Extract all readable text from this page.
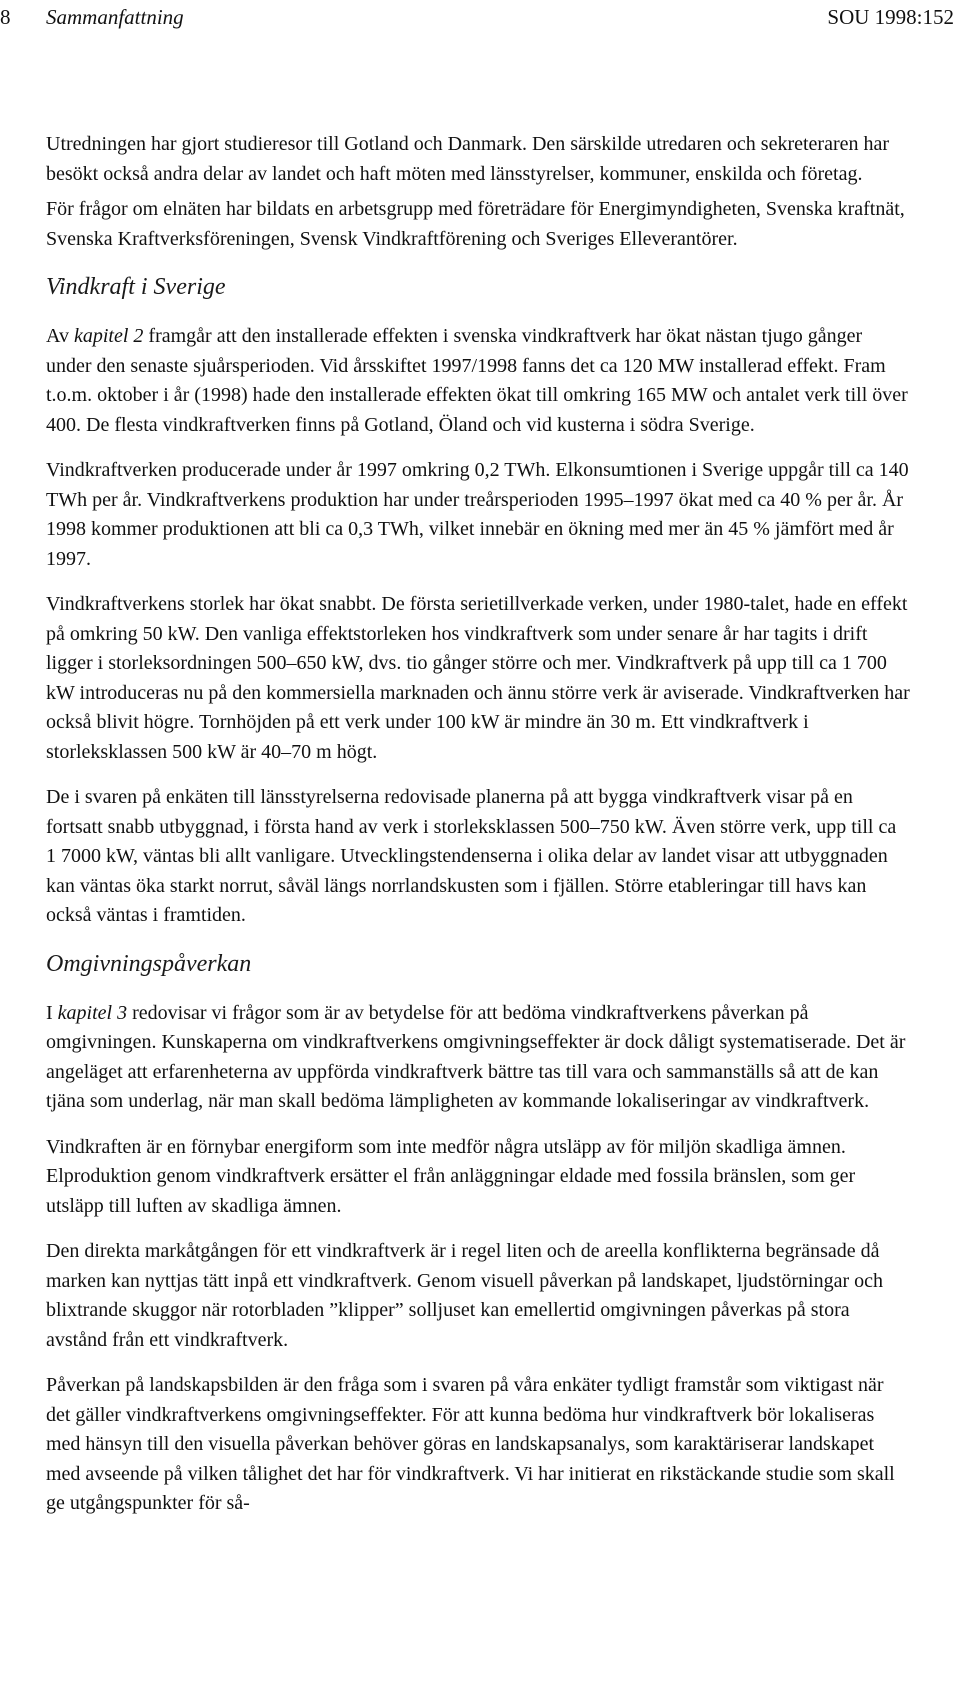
8 Sammanfattning	SOU 1998:152

Utredningen har gjort studieresor till Gotland och Danmark. Den särskilde utredaren och sekreteraren har besökt också andra delar av landet och haft möten med länsstyrelser, kommuner, enskilda och företag.

För frågor om elnäten har bildats en arbetsgrupp med företrädare för Energimyndigheten, Svenska kraftnät, Svenska Kraftverksföreningen, Svensk Vindkraftförening och Sveriges Elleverantörer.

Vindkraft i Sverige

Av kapitel 2 framgår att den installerade effekten i svenska vindkraftverk har ökat nästan tjugo gånger under den senaste sjuårsperioden. Vid årsskiftet 1997/1998 fanns det ca 120 MW installerad effekt. Fram t.o.m. oktober i år (1998) hade den installerade effekten ökat till omkring 165 MW och antalet verk till över 400. De flesta vindkraftverken finns på Gotland, Öland och vid kusterna i södra Sverige.

Vindkraftverken producerade under år 1997 omkring 0,2 TWh. Elkonsumtionen i Sverige uppgår till ca 140 TWh per år. Vindkraftverkens produktion har under treårsperioden 1995–1997 ökat med ca 40 % per år. År 1998 kommer produktionen att bli ca 0,3 TWh, vilket innebär en ökning med mer än 45 % jämfört med år 1997.

Vindkraftverkens storlek har ökat snabbt. De första serietillverkade verken, under 1980-talet, hade en effekt på omkring 50 kW. Den vanliga effektstorleken hos vindkraftverk som under senare år har tagits i drift ligger i storleksordningen 500–650 kW, dvs. tio gånger större och mer. Vindkraftverk på upp till ca 1 700 kW introduceras nu på den kommersiella marknaden och ännu större verk är aviserade. Vindkraftverken har också blivit högre. Tornhöjden på ett verk under 100 kW är mindre än 30 m. Ett vindkraftverk i storleksklassen 500 kW är 40–70 m högt.

De i svaren på enkäten till länsstyrelserna redovisade planerna på att bygga vindkraftverk visar på en fortsatt snabb utbyggnad, i första hand av verk i storleksklassen 500–750 kW. Även större verk, upp till ca 1 7000 kW, väntas bli allt vanligare. Utvecklingstendenserna i olika delar av landet visar att utbyggnaden kan väntas öka starkt norrut, såväl längs norrlandskusten som i fjällen. Större etableringar till havs kan också väntas i framtiden.

Omgivningspåverkan

I kapitel 3 redovisar vi frågor som är av betydelse för att bedöma vindkraftverkens påverkan på omgivningen. Kunskaperna om vindkraftverkens omgivningseffekter är dock dåligt systematiserade. Det är angeläget att erfarenheterna av uppförda vindkraftverk bättre tas till vara och sammanställs så att de kan tjäna som underlag, när man skall bedöma lämpligheten av kommande lokaliseringar av vindkraftverk.

Vindkraften är en förnybar energiform som inte medför några utsläpp av för miljön skadliga ämnen. Elproduktion genom vindkraftverk ersätter el från anläggningar eldade med fossila bränslen, som ger utsläpp till luften av skadliga ämnen.

Den direkta markåtgången för ett vindkraftverk är i regel liten och de areella konflikterna begränsade då marken kan nyttjas tätt inpå ett vindkraftverk. Genom visuell påverkan på landskapet, ljudstörningar och blixtrande skuggor när rotorbladen ”klipper” solljuset kan emellertid omgivningen påverkas på stora avstånd från ett vindkraftverk.

Påverkan på landskapsbilden är den fråga som i svaren på våra enkäter tydligt framstår som viktigast när det gäller vindkraftverkens omgivningseffekter. För att kunna bedöma hur vindkraftverk bör lokaliseras med hänsyn till den visuella påverkan behöver göras en landskapsanalys, som karaktäriserar landskapet med avseende på vilken tålighet det har för vindkraftverk. Vi har initierat en rikstäckande studie som skall ge utgångspunkter för så-
